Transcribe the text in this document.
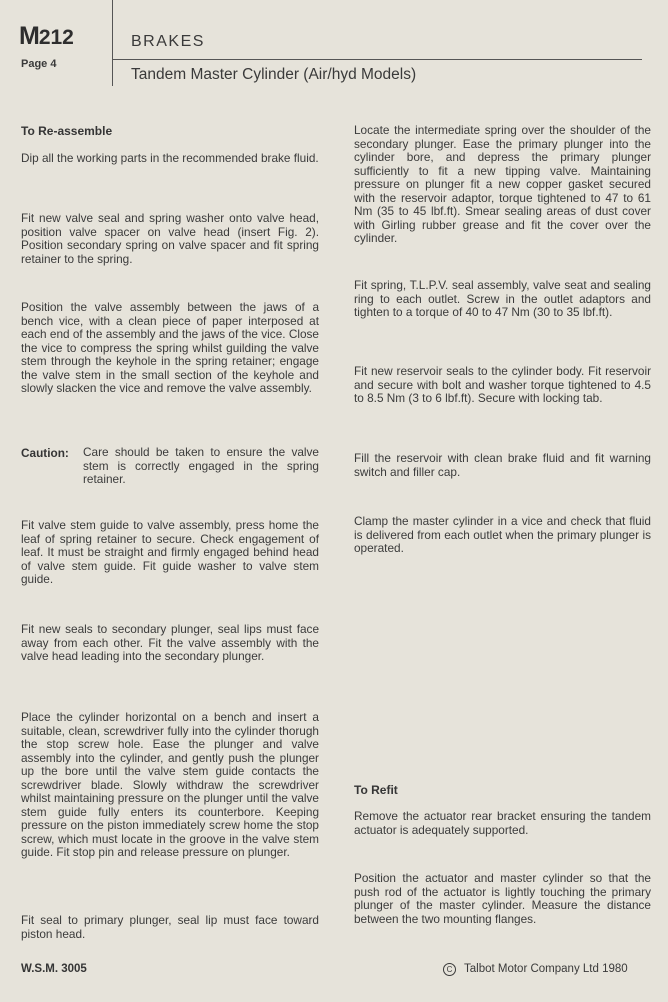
M212
Page 4
BRAKES
Tandem Master Cylinder (Air/hyd Models)
To Re-assemble

Dip all the working parts in the recommended brake fluid.

Fit new valve seal and spring washer onto valve head, position valve spacer on valve head (insert Fig. 2). Position secondary spring on valve spacer and fit spring retainer to the spring.

Position the valve assembly between the jaws of a bench vice, with a clean piece of paper interposed at each end of the assembly and the jaws of the vice. Close the vice to compress the spring whilst guilding the valve stem through the keyhole in the spring retainer; engage the valve stem in the small section of the keyhole and slowly slacken the vice and remove the valve assembly.

Caution: Care should be taken to ensure the valve stem is correctly engaged in the spring retainer.

Fit valve stem guide to valve assembly, press home the leaf of spring retainer to secure. Check engagement of leaf. It must be straight and firmly engaged behind head of valve stem guide. Fit guide washer to valve stem guide.

Fit new seals to secondary plunger, seal lips must face away from each other. Fit the valve assembly with the valve head leading into the secondary plunger.

Place the cylinder horizontal on a bench and insert a suitable, clean, screwdriver fully into the cylinder thorugh the stop screw hole. Ease the plunger and valve assembly into the cylinder, and gently push the plunger up the bore until the valve stem guide contacts the screwdriver blade. Slowly withdraw the screwdriver whilst maintaining pressure on the plunger until the valve stem guide fully enters its counterbore. Keeping pressure on the piston immediately screw home the stop screw, which must locate in the groove in the valve stem guide. Fit stop pin and release pressure on plunger.

Fit seal to primary plunger, seal lip must face toward piston head.

Locate the intermediate spring over the shoulder of the secondary plunger. Ease the primary plunger into the cylinder bore, and depress the primary plunger sufficiently to fit a new tipping valve. Maintaining pressure on plunger fit a new copper gasket secured with the reservoir adaptor, torque tightened to 47 to 61 Nm (35 to 45 lbf.ft). Smear sealing areas of dust cover with Girling rubber grease and fit the cover over the cylinder.

Fit spring, T.L.P.V. seal assembly, valve seat and sealing ring to each outlet. Screw in the outlet adaptors and tighten to a torque of 40 to 47 Nm (30 to 35 lbf.ft).

Fit new reservoir seals to the cylinder body. Fit reservoir and secure with bolt and washer torque tightened to 4.5 to 8.5 Nm (3 to 6 lbf.ft). Secure with locking tab.

Fill the reservoir with clean brake fluid and fit warning switch and filler cap.

Clamp the master cylinder in a vice and check that fluid is delivered from each outlet when the primary plunger is operated.

To Refit

Remove the actuator rear bracket ensuring the tandem actuator is adequately supported.

Position the actuator and master cylinder so that the push rod of the actuator is lightly touching the primary plunger of the master cylinder. Measure the distance between the two mounting flanges.

W.S.M. 3005	C Talbot Motor Company Ltd 1980
